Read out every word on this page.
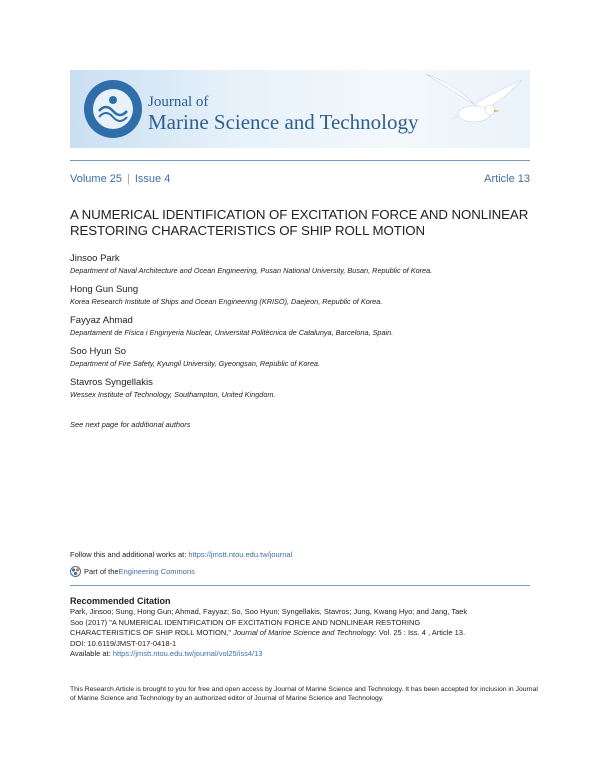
Journal of
Marine Science and Technology
Volume 25 | Issue 4	Article 13
A NUMERICAL IDENTIFICATION OF EXCITATION FORCE AND NONLINEAR RESTORING CHARACTERISTICS OF SHIP ROLL MOTION
Jinsoo Park
Department of Naval Architecture and Ocean Engineering, Pusan National University, Busan, Republic of Korea.
Hong Gun Sung
Korea Research Institute of Ships and Ocean Engineering (KRISO), Daejeon, Republic of Korea.
Fayyaz Ahmad
Departament de Física i Enginyeria Nuclear, Universitat Politècnica de Catalunya, Barcelona, Spain.
Soo Hyun So
Department of Fire Safety, Kyungil University, Gyeongsan, Republic of Korea.
Stavros Syngellakis
Wessex Institute of Technology, Southampton, United Kingdom.
See next page for additional authors
Follow this and additional works at: https://jmstt.ntou.edu.tw/journal
Part of the Engineering Commons
Recommended Citation
Park, Jinsoo; Sung, Hong Gun; Ahmad, Fayyaz; So, Soo Hyun; Syngellakis, Stavros; Jung, Kwang Hyo; and Jang, Taek
Soo (2017) "A NUMERICAL IDENTIFICATION OF EXCITATION FORCE AND NONLINEAR RESTORING
CHARACTERISTICS OF SHIP ROLL MOTION," Journal of Marine Science and Technology: Vol. 25 : Iss. 4 , Article 13.
DOI: 10.6119/JMST-017-0418-1
Available at: https://jmstt.ntou.edu.tw/journal/vol25/iss4/13
This Research Article is brought to you for free and open access by Journal of Marine Science and Technology. It has been accepted for inclusion in Journal of Marine Science and Technology by an authorized editor of Journal of Marine Science and Technology.
